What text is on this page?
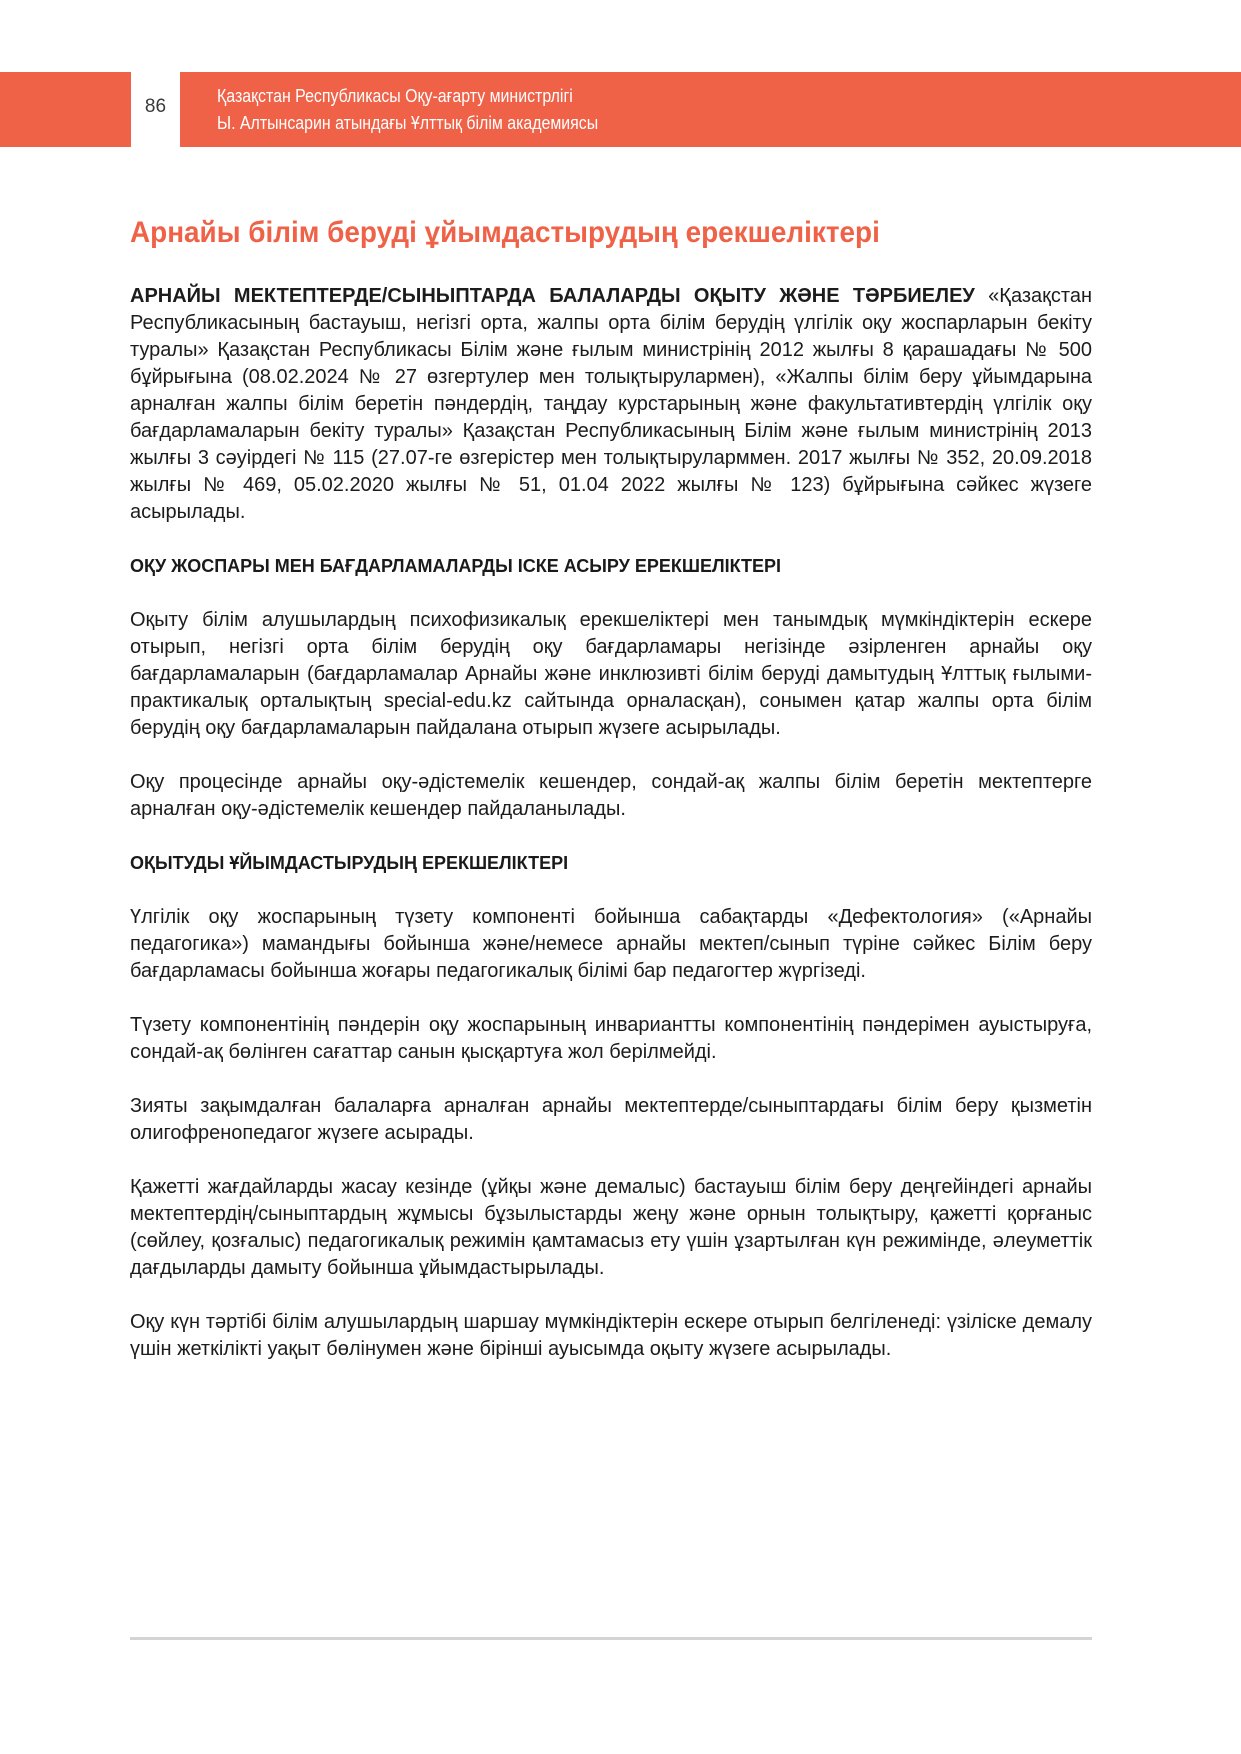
86
Қазақстан Республикасы Оқу-ағарту министрлігі
Ы. Алтынсарин атындағы Ұлттық білім академиясы
Арнайы білім беруді ұйымдастырудың ерекшеліктері

АРНАЙЫ МЕКТЕПТЕРДЕ/СЫНЫПТАРДА БАЛАЛАРДЫ ОҚЫТУ ЖӘНЕ ТӘРБИЕЛЕУ «Қазақстан Республикасының бастауыш, негізгі орта, жалпы орта білім берудің үлгілік оқу жоспарларын бекіту туралы» Қазақстан Республикасы Білім және ғылым министрінің 2012 жылғы 8 қарашадағы № 500 бұйрығына (08.02.2024 № 27 өзгертулер мен толықтырулармен), «Жалпы білім беру ұйымдарына арналған жалпы білім беретін пәндердің, таңдау курстарының және факультативтердің үлгілік оқу бағдарламаларын бекіту туралы» Қазақстан Республикасының Білім және ғылым министрінің 2013 жылғы 3 сәуірдегі № 115 (27.07-ге өзгерістер мен толықтыруларммен. 2017 жылғы № 352, 20.09.2018 жылғы № 469, 05.02.2020 жылғы № 51, 01.04 2022 жылғы № 123) бұйрығына сәйкес жүзеге асырылады.

ОҚУ ЖОСПАРЫ МЕН БАҒДАРЛАМАЛАРДЫ ІСКЕ АСЫРУ ЕРЕКШЕЛІКТЕРІ

Оқыту білім алушылардың психофизикалық ерекшеліктері мен танымдық мүмкіндіктерін ескере отырып, негізгі орта білім берудің оқу бағдарламары негізінде әзірленген арнайы оқу бағдарламаларын (бағдарламалар Арнайы және инклюзивті білім беруді дамытудың Ұлттық ғылыми-практикалық орталықтың special-edu.kz сайтында орналасқан), сонымен қатар жалпы орта білім берудің оқу бағдарламаларын пайдалана отырып жүзеге асырылады.

Оқу процесінде арнайы оқу-әдістемелік кешендер, сондай-ақ жалпы білім беретін мектептерге арналған оқу-әдістемелік кешендер пайдаланылады.

ОҚЫТУДЫ ҰЙЫМДАСТЫРУДЫҢ ЕРЕКШЕЛІКТЕРІ

Үлгілік оқу жоспарының түзету компоненті бойынша сабақтарды «Дефектология» («Арнайы педагогика») мамандығы бойынша және/немесе арнайы мектеп/сынып түріне сәйкес Білім беру бағдарламасы бойынша жоғары педагогикалық білімі бар педагогтер жүргізеді.

Түзету компонентінің пәндерін оқу жоспарының инвариантты компонентінің пәндерімен ауыстыруға, сондай-ақ бөлінген сағаттар санын қысқартуға жол берілмейді.

Зияты зақымдалған балаларға арналған арнайы мектептерде/сыныптардағы білім беру қызметін олигофренопедагог жүзеге асырады.

Қажетті жағдайларды жасау кезінде (ұйқы және демалыс) бастауыш білім беру деңгейіндегі арнайы мектептердің/сыныптардың жұмысы бұзылыстарды жеңу және орнын толықтыру, қажетті қорғаныс (сөйлеу, қозғалыс) педагогикалық режимін қамтамасыз ету үшін ұзартылған күн режимінде, әлеуметтік дағдыларды дамыту бойынша ұйымдастырылады.

Оқу күн тәртібі білім алушылардың шаршау мүмкіндіктерін ескере отырып белгіленеді: үзіліске демалу үшін жеткілікті уақыт бөлінумен және бірінші ауысымда оқыту жүзеге асырылады.
